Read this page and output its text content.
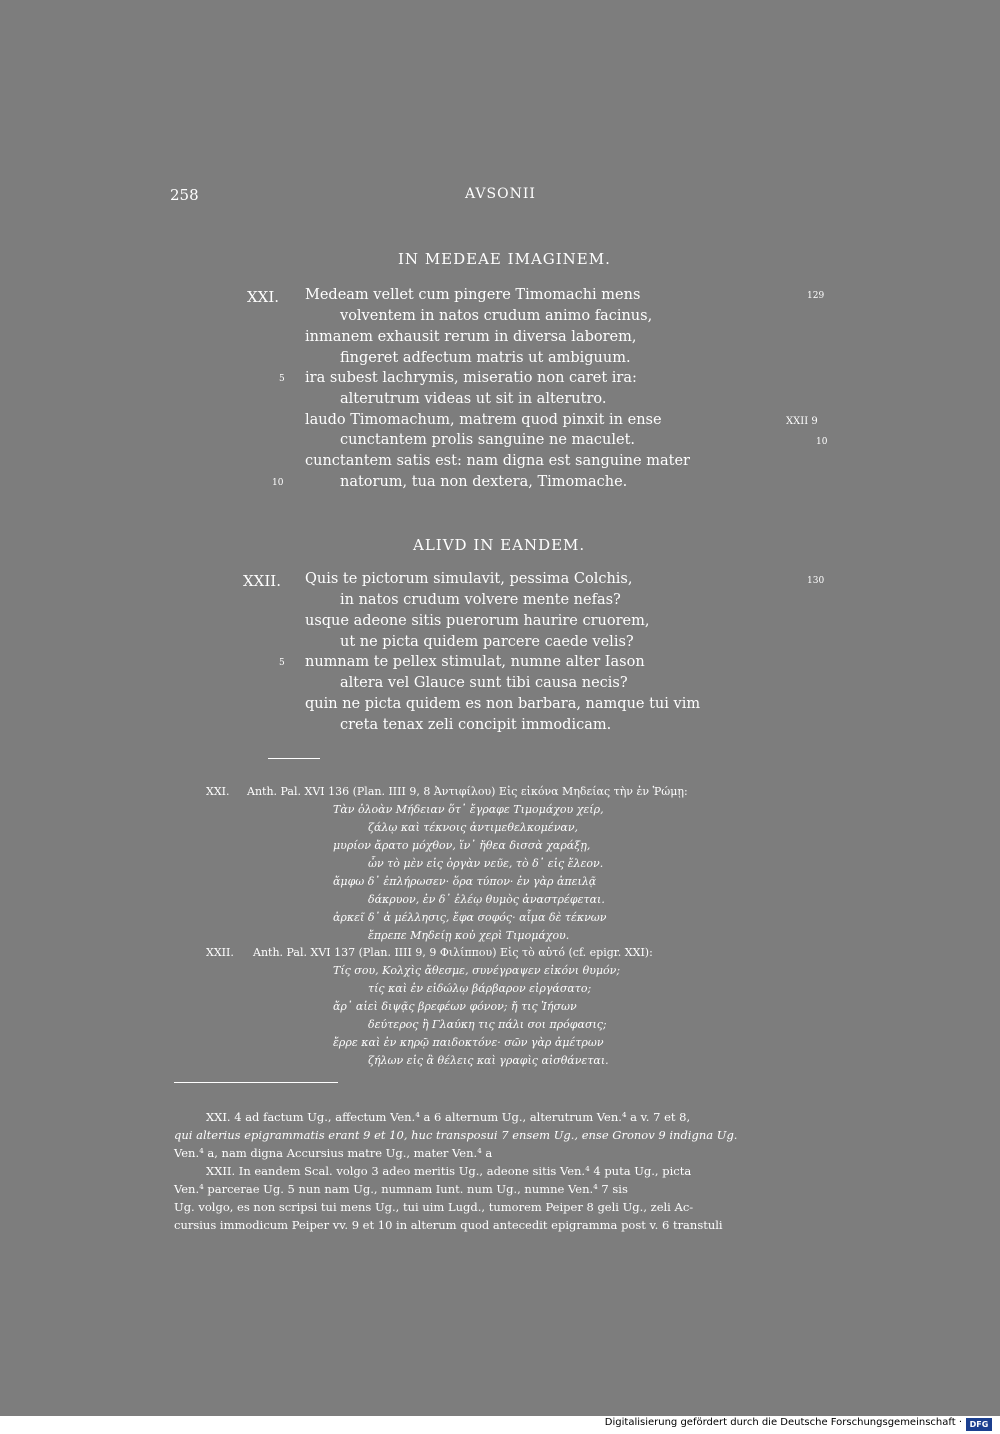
258	AVSONII
IN MEDEAE IMAGINEM.
XXI.	129
Medeam vellet cum pingere Timomachi mens
volventem in natos crudum animo facinus,
inmanem exhausit rerum in diversa laborem,
fingeret adfectum matris ut ambiguum.
5 ira subest lachrymis, miseratio non caret ira:
alterutrum videas ut sit in alterutro.
laudo Timomachum, matrem quod pinxit in ense	XXII 9
cunctantem prolis sanguine ne maculet.	10
cunctantem satis est: nam digna est sanguine mater
10	natorum, tua non dextera, Timomache.
ALIVD IN EANDEM.
XXII.	130
Quis te pictorum simulavit, pessima Colchis,
in natos crudum volvere mente nefas?
usque adeone sitis puerorum haurire cruorem,
ut ne picta quidem parcere caede velis?
5 numnam te pellex stimulat, numne alter Iason
altera vel Glauce sunt tibi causa necis?
quin ne picta quidem es non barbara, namque tui vim
creta tenax zeli concipit immodicam.
XXI. Anth. Pal. XVI 136 (Plan. IIII 9, 8 Ἀντιφίλου) Εἰς εἰκόνα Μηδείας τὴν ἐν Ῥώμῃ:
Τὰν ὀλοὰν Μήδειαν ὅτ᾽ ἔγραφε Τιμομάχου χείρ,
ζάλῳ καὶ τέκνοις ἀντιμεθελκομέναν,
μυρίον ἄρατο μόχθον, ἵν᾽ ἤθεα δισσὰ χαράξῃ,
ὧν τὸ μὲν εἰς ὀργὰν νεῦε, τὸ δ᾽ εἰς ἔλεον.
ἄμφω δ᾽ ἐπλήρωσεν· ὅρα τύπον· ἐν γὰρ ἀπειλᾷ
δάκρυον, ἐν δ᾽ ἐλέῳ θυμὸς ἀναστρέφεται.
ἀρκεῖ δ᾽ ἁ μέλλησις, ἔφα σοφός· αἷμα δὲ τέκνων
ἔπρεπε Μηδείῃ κοὐ χερὶ Τιμομάχου.
XXII. Anth. Pal. XVI 137 (Plan. IIII 9, 9 Φιλίππου) Εἰς τὸ αὐτό (cf. epigr. XXI):
Τίς σου, Κολχὶς ἄθεσμε, συνέγραψεν εἰκόνι θυμόν;
τίς καὶ ἐν εἰδώλῳ βάρβαρον εἰργάσατο;
ἄρ᾽ αἰεὶ διψᾷς βρεφέων φόνον; ἤ τις Ἰήσων
δεύτερος ἢ Γλαύκη τις πάλι σοι πρόφασις;
ἔρρε καὶ ἐν κηρῷ παιδοκτόνε· σῶν γὰρ ἀμέτρων
ζήλων εἰς ἃ θέλεις καὶ γραφὶς αἰσθάνεται.
XXI. 4 ad factum Ug., affectum Ven.⁴ a 6 alternum Ug., alterutrum Ven.⁴ a v. 7 et 8,
qui alterius epigrammatis erant 9 et 10, huc transposui 7 ensem Ug., ense Gronov 9 indigna Ug.
Ven.⁴ a, nam digna Accursius matre Ug., mater Ven.⁴ a
XXII. In eandem Scal. volgo 3 adeo meritis Ug., adeone sitis Ven.⁴ 4 puta Ug., picta
Ven.⁴ parcerae Ug. 5 nun nam Ug., numnam Iunt. num Ug., numne Ven.⁴ 7 sis
Ug. volgo, es non scripsi tui mens Ug., tui uim Lugd., tumorem Peiper 8 geli Ug., zeli Ac-
cursius immodicum Peiper vv. 9 et 10 in alterum quod antecedit epigramma post v. 6 transtuli
Digitalisierung gefördert durch die Deutsche Forschungsgemeinschaft · DFG
